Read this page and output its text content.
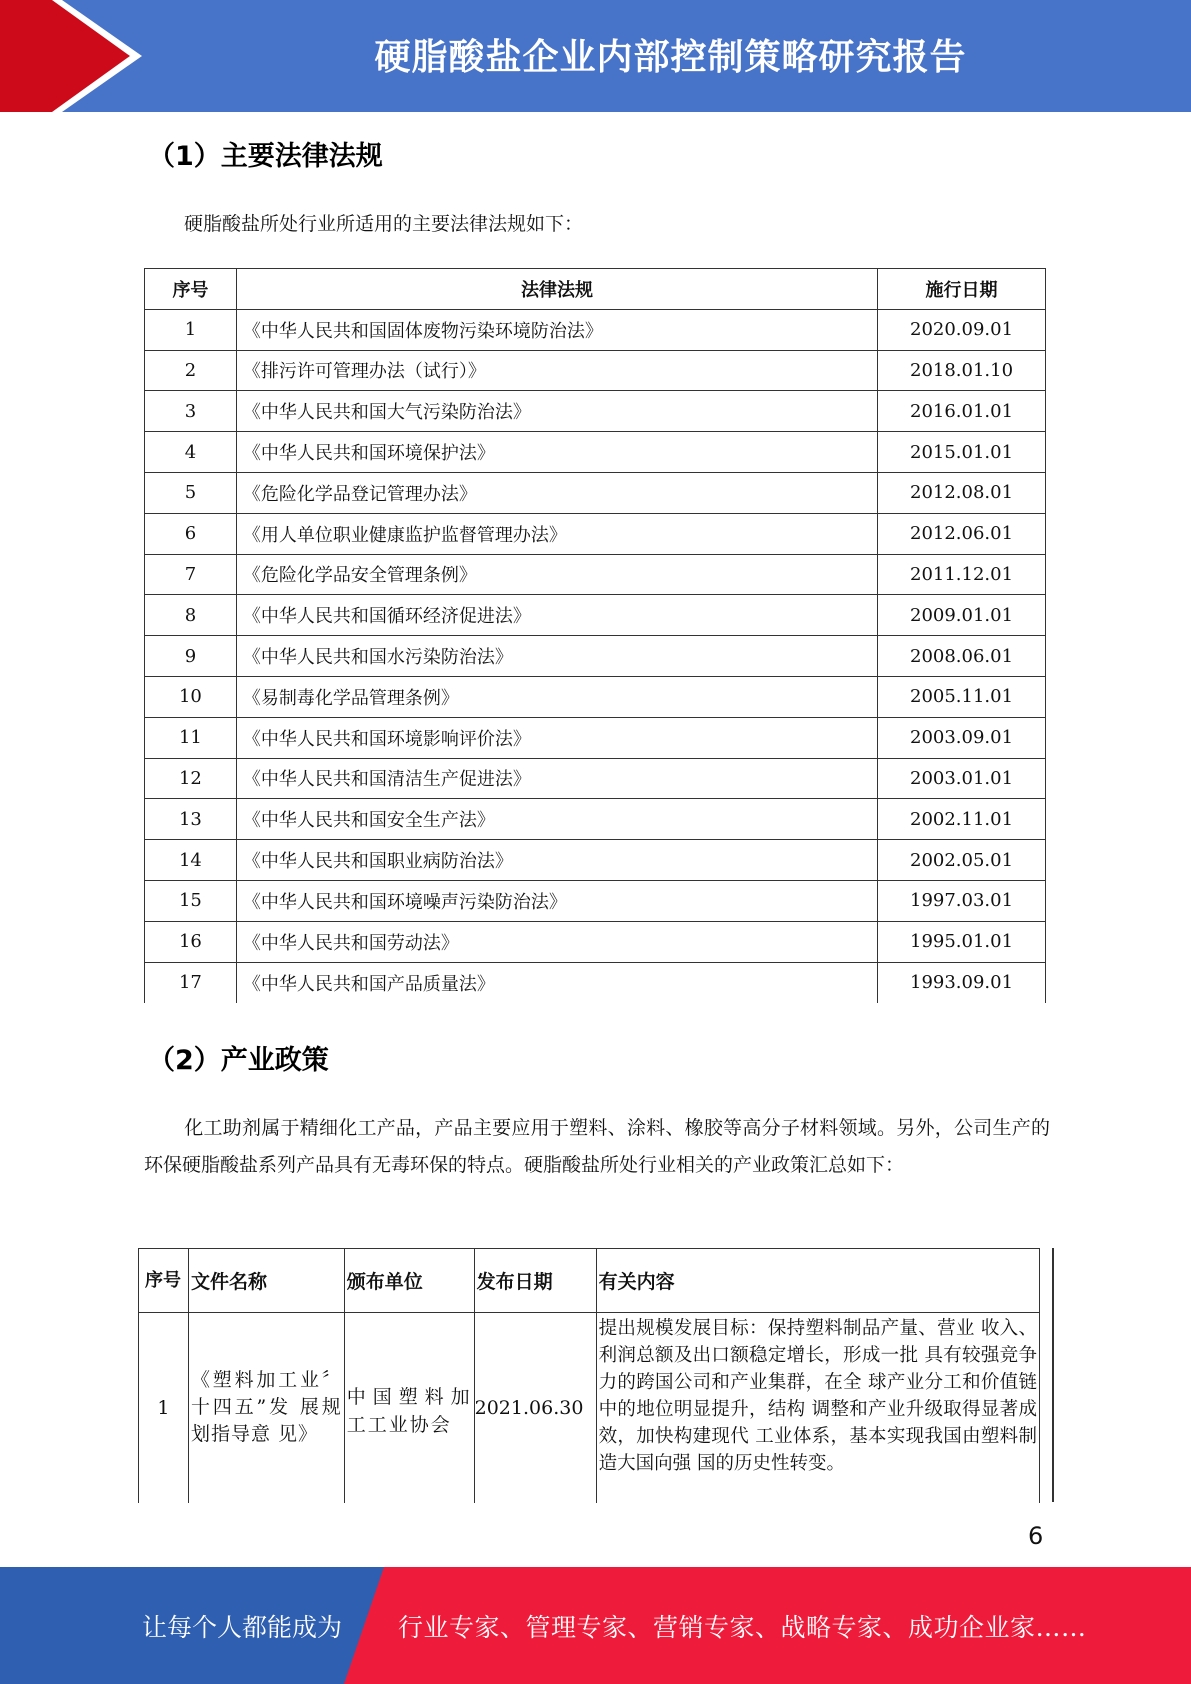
硬脂酸盐企业内部控制策略研究报告
（1）主要法律法规
硬脂酸盐所处行业所适用的主要法律法规如下：
序号	法律法规	施行日期
1	《中华人民共和国固体废物污染环境防治法》	2020.09.01
2	《排污许可管理办法（试行）》	2018.01.10
3	《中华人民共和国大气污染防治法》	2016.01.01
4	《中华人民共和国环境保护法》	2015.01.01
5	《危险化学品登记管理办法》	2012.08.01
6	《用人单位职业健康监护监督管理办法》	2012.06.01
7	《危险化学品安全管理条例》	2011.12.01
8	《中华人民共和国循环经济促进法》	2009.01.01
9	《中华人民共和国水污染防治法》	2008.06.01
10	《易制毒化学品管理条例》	2005.11.01
11	《中华人民共和国环境影响评价法》	2003.09.01
12	《中华人民共和国清洁生产促进法》	2003.01.01
13	《中华人民共和国安全生产法》	2002.11.01
14	《中华人民共和国职业病防治法》	2002.05.01
15	《中华人民共和国环境噪声污染防治法》	1997.03.01
16	《中华人民共和国劳动法》	1995.01.01
17	《中华人民共和国产品质量法》	1993.09.01
（2）产业政策
化工助剂属于精细化工产品，产品主要应用于塑料、涂料、橡胶等高分子材料领域。另外，公司生产的环保硬脂酸盐系列产品具有无毒环保的特点。硬脂酸盐所处行业相关的产业政策汇总如下：
序号	文件名称	颁布单位	发布日期	有关内容
1	《塑料加工业〞十四五”发 展规划指导意 见》	中国塑料加工工业协会	2021.06.30	提出规模发展目标：保持塑料制品产量、营业 收入、利润总额及出口额稳定增长，形成一批 具有较强竞争力的跨国公司和产业集群，在全 球产业分工和价值链中的地位明显提升，结构 调整和产业升级取得显著成效，加快构建现代 工业体系，基本实现我国由塑料制造大国向强 国的历史性转变。
6
让每个人都能成为 行业专家、管理专家、营销专家、战略专家、成功企业家……
